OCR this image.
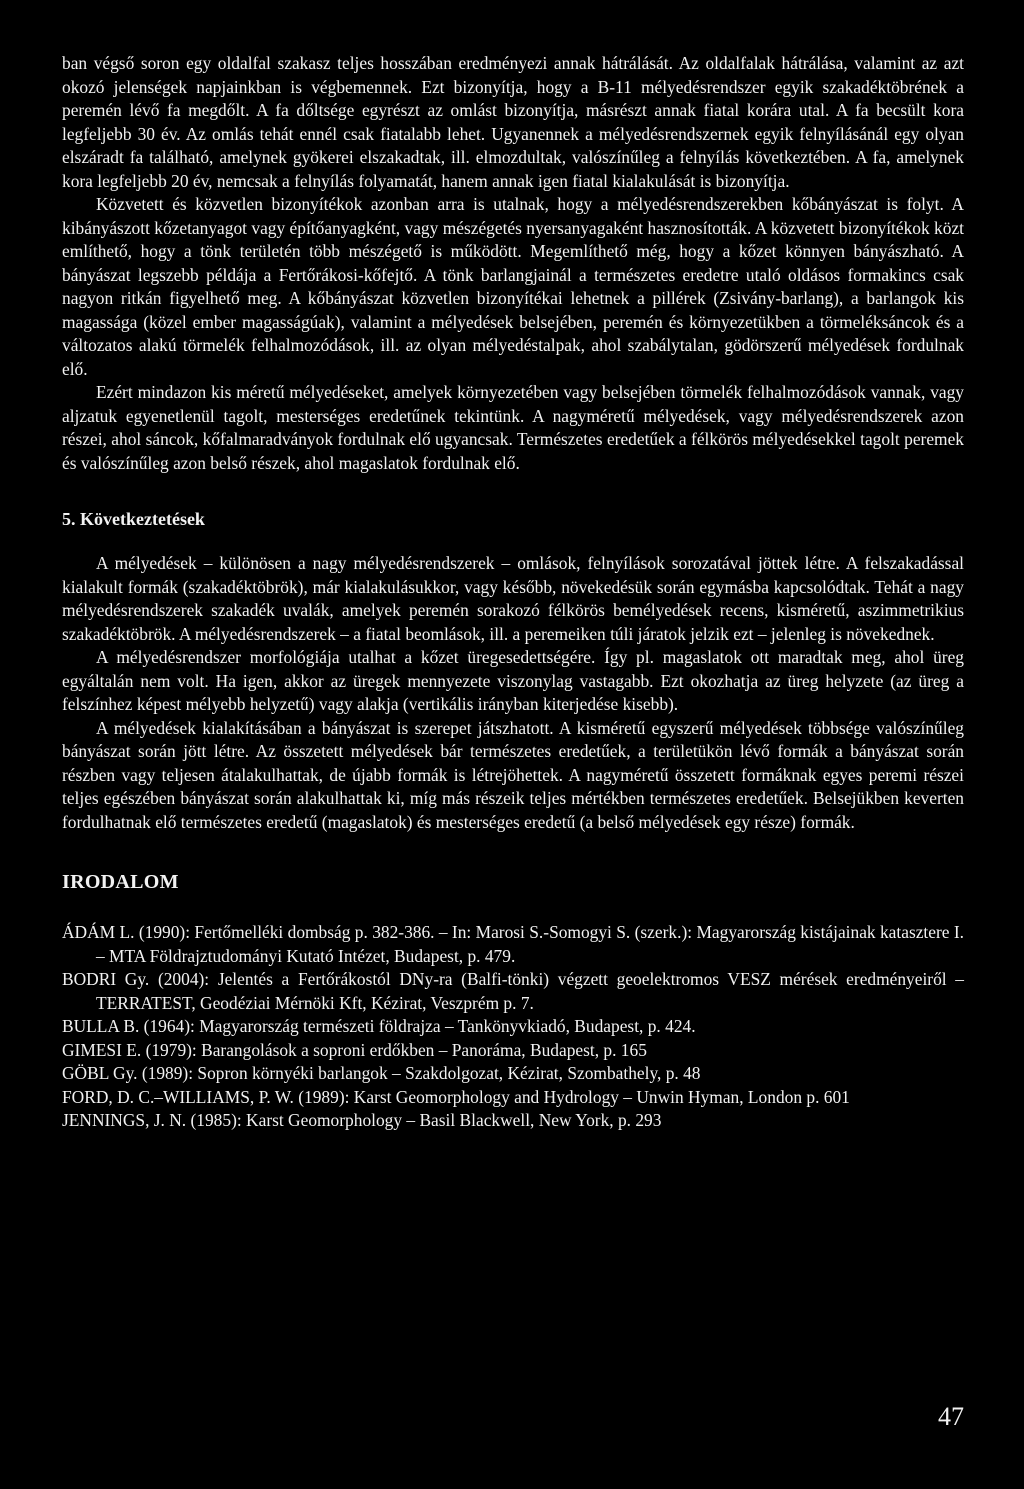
ban végső soron egy oldalfal szakasz teljes hosszában eredményezi annak hátrálását. Az oldalfalak hátrálása, valamint az azt okozó jelenségek napjainkban is végbemennek. Ezt bizonyítja, hogy a B-11 mélyedésrendszer egyik szakadéktöbrének a peremén lévő fa megdőlt. A fa dőltsége egyrészt az omlást bizonyítja, másrészt annak fiatal korára utal. A fa becsült kora legfeljebb 30 év. Az omlás tehát ennél csak fiatalabb lehet. Ugyanennek a mélyedésrendszernek egyik felnyílásánál egy olyan elszáradt fa található, amelynek gyökerei elszakadtak, ill. elmozdultak, valószínűleg a felnyílás következtében. A fa, amelynek kora legfeljebb 20 év, nemcsak a felnyílás folyamatát, hanem annak igen fiatal kialakulását is bizonyítja.

Közvetett és közvetlen bizonyítékok azonban arra is utalnak, hogy a mélyedésrendszerekben kőbányászat is folyt. A kibányászott kőzetanyagot vagy építőanyagként, vagy mészégetés nyersanyagaként hasznosították. A közvetett bizonyítékok közt említhető, hogy a tönk területén több mészégető is működött. Megemlíthető még, hogy a kőzet könnyen bányászható. A bányászat legszebb példája a Fertőrákosi-kőfejtő. A tönk barlangjainál a természetes eredetre utaló oldásos formakincs csak nagyon ritkán figyelhető meg. A kőbányászat közvetlen bizonyítékai lehetnek a pillérek (Zsivány-barlang), a barlangok kis magassága (közel ember magasságúak), valamint a mélyedések belsejében, peremén és környezetükben a törmeléksáncok és a változatos alakú törmelék felhalmozódások, ill. az olyan mélyedéstalpak, ahol szabálytalan, gödörszerű mélyedések fordulnak elő.

Ezért mindazon kis méretű mélyedéseket, amelyek környezetében vagy belsejében törmelék felhalmozódások vannak, vagy aljzatuk egyenetlenül tagolt, mesterséges eredetűnek tekintünk. A nagyméretű mélyedések, vagy mélyedésrendszerek azon részei, ahol sáncok, kőfalmaradványok fordulnak elő ugyancsak. Természetes eredetűek a félkörös mélyedésekkel tagolt peremek és valószínűleg azon belső részek, ahol magaslatok fordulnak elő.

5. Következtetések

A mélyedések – különösen a nagy mélyedésrendszerek – omlások, felnyílások sorozatával jöttek létre. A felszakadással kialakult formák (szakadéktöbrök), már kialakulásukkor, vagy később, növekedésük során egymásba kapcsolódtak. Tehát a nagy mélyedésrendszerek szakadék uvalák, amelyek peremén sorakozó félkörös bemélyedések recens, kisméretű, aszimmetrikius szakadéktöbrök. A mélyedésrendszerek – a fiatal beomlások, ill. a peremeiken túli járatok jelzik ezt – jelenleg is növekednek.

A mélyedésrendszer morfológiája utalhat a kőzet üregesedettségére. Így pl. magaslatok ott maradtak meg, ahol üreg egyáltalán nem volt. Ha igen, akkor az üregek mennyezete viszonylag vastagabb. Ezt okozhatja az üreg helyzete (az üreg a felszínhez képest mélyebb helyzetű) vagy alakja (vertikális irányban kiterjedése kisebb).

A mélyedések kialakításában a bányászat is szerepet játszhatott. A kisméretű egyszerű mélyedések többsége valószínűleg bányászat során jött létre. Az összetett mélyedések bár természetes eredetűek, a területükön lévő formák a bányászat során részben vagy teljesen átalakulhattak, de újabb formák is létrejöhettek. A nagyméretű összetett formáknak egyes peremi részei teljes egészében bányászat során alakulhattak ki, míg más részeik teljes mértékben természetes eredetűek. Belsejükben keverten fordulhatnak elő természetes eredetű (magaslatok) és mesterséges eredetű (a belső mélyedések egy része) formák.

IRODALOM

ÁDÁM L. (1990): Fertőmelléki dombság p. 382-386. – In: Marosi S.-Somogyi S. (szerk.): Magyarország kistájainak katasztere I. – MTA Földrajztudományi Kutató Intézet, Budapest, p. 479.

BODRI Gy. (2004): Jelentés a Fertőrákostól DNy-ra (Balfi-tönki) végzett geoelektromos VESZ mérések eredményeiről – TERRATEST, Geodéziai Mérnöki Kft, Kézirat, Veszprém p. 7.

BULLA B. (1964): Magyarország természeti földrajza – Tankönyvkiadó, Budapest, p. 424.

GIMESI E. (1979): Barangolások a soproni erdőkben – Panoráma, Budapest, p. 165

GÖBL Gy. (1989): Sopron környéki barlangok – Szakdolgozat, Kézirat, Szombathely, p. 48

FORD, D. C.–WILLIAMS, P. W. (1989): Karst Geomorphology and Hydrology – Unwin Hyman, London p. 601

JENNINGS, J. N. (1985): Karst Geomorphology – Basil Blackwell, New York, p. 293

47
